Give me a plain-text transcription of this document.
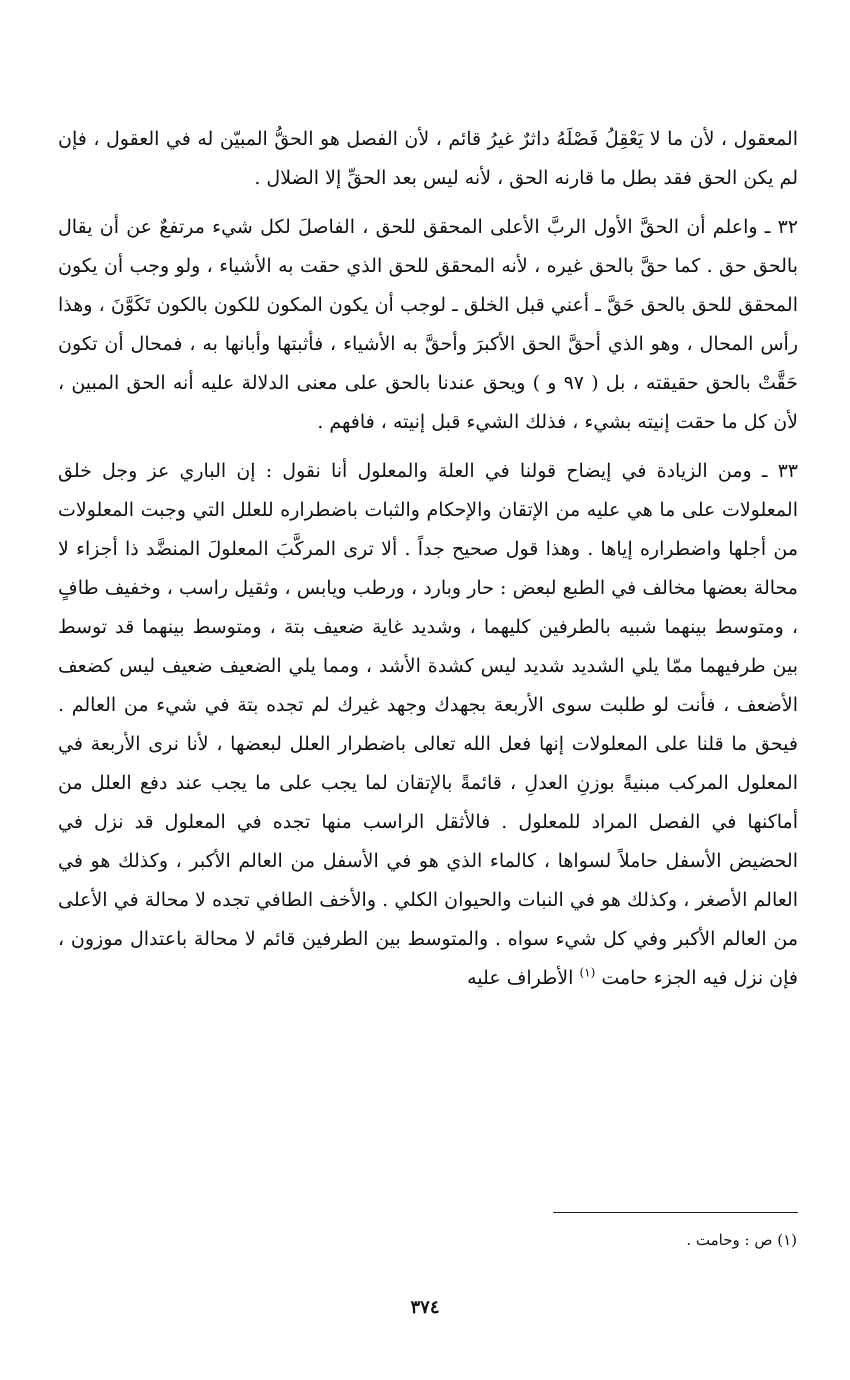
المعقول ، لأن ما لا يَعْقِلُ فَصْلَهُ داثرٌ غيرُ قائم ، لأن الفصل هو الحقُّ المبيّن له في العقول ، فإن لم يكن الحق فقد بطل ما قارنه الحق ، لأنه ليس بعد الحقِّ إلا الضلال .

٣٢ ـ واعلم أن الحقَّ الأول الربَّ الأعلى المحقق للحق ، الفاصلَ لكل شيء مرتفعٌ عن أن يقال بالحق حق . كما حقَّ بالحق غيره ، لأنه المحقق للحق الذي حقت به الأشياء ، ولو وجب أن يكون المحقق للحق بالحق حَقَّ ـ أعني قبل الخلق ـ لوجب أن يكون المكون للكون بالكون تَكَوَّنَ ، وهذا رأس المحال ، وهو الذي أحقَّ الحق الأكبرَ وأحقَّ به الأشياء ، فأثبتها وأبانها به ، فمحال أن تكون حَقَّتْ بالحق حقيقته ، بل ( ٩٧ و ) ويحق عندنا بالحق على معنى الدلالة عليه أنه الحق المبين ، لأن كل ما حقت إنيته بشيء ، فذلك الشيء قبل إنيته ، فافهم .

٣٣ ـ ومن الزيادة في إيضاح قولنا في العلة والمعلول أنا نقول : إن الباري عز وجل خلق المعلولات على ما هي عليه من الإتقان والإحكام والثبات باضطراره للعلل التي وجبت المعلولات من أجلها واضطراره إياها . وهذا قول صحيح جداً . ألا ترى المركَّبَ المعلولَ المنضَّد ذا أجزاء لا محالة بعضها مخالف في الطبع لبعض : حار وبارد ، ورطب ويابس ، وثقيل راسب ، وخفيف طافٍ ، ومتوسط بينهما شبيه بالطرفين كليهما ، وشديد غاية ضعيف بتة ، ومتوسط بينهما قد توسط بين طرفيهما ممّا يلي الشديد شديد ليس كشدة الأشد ، ومما يلي الضعيف ضعيف ليس كضعف الأضعف ، فأنت لو طلبت سوى الأربعة بجهدك وجهد غيرك لم تجده بتة في شيء من العالم . فيحق ما قلنا على المعلولات إنها فعل الله تعالى باضطرار العلل لبعضها ، لأنا نرى الأربعة في المعلول المركب مبنيةً بوزنِ العدلِ ، قائمةً بالإتقان لما يجب على ما يجب عند دفع العلل من أماكنها في الفصل المراد للمعلول . فالأثقل الراسب منها تجده في المعلول قد نزل في الحضيض الأسفل حاملاً لسواها ، كالماء الذي هو في الأسفل من العالم الأكبر ، وكذلك هو في العالم الأصغر ، وكذلك هو في النبات والحيوان الكلي . والأخف الطافي تجده لا محالة في الأعلى من العالم الأكبر وفي كل شيء سواه . والمتوسط بين الطرفين قائم لا محالة باعتدال موزون ، فإن نزل فيه الجزء حامت $^{(١)}$ الأطراف عليه

(١) ص : وحامت .
٣٧٤
